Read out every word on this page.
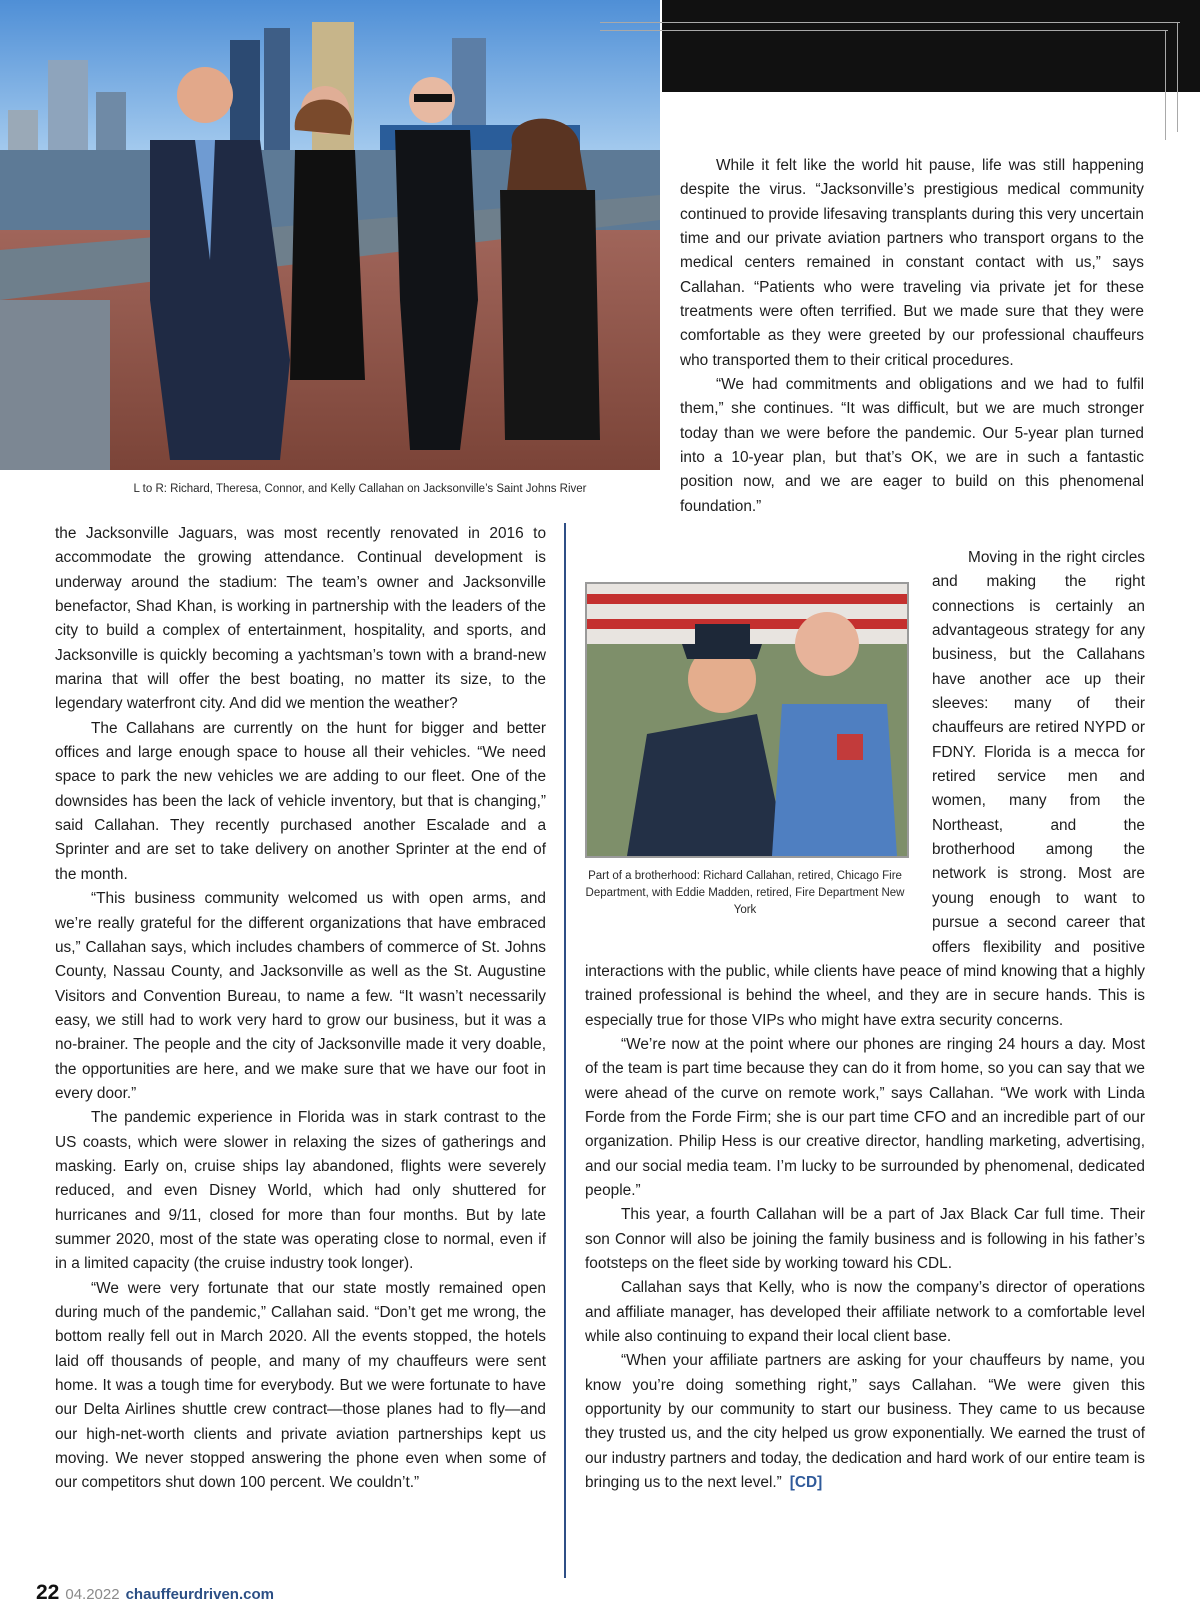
L to R: Richard, Theresa, Connor, and Kelly Callahan on Jacksonville’s Saint Johns River

While it felt like the world hit pause, life was still happening despite the virus. “Jacksonville’s prestigious medical community continued to provide lifesaving transplants during this very uncertain time and our private aviation partners who transport organs to the medical centers remained in constant contact with us,” says Callahan. “Patients who were traveling via private jet for these treatments were often terrified. But we made sure that they were comfortable as they were greeted by our professional chauffeurs who transported them to their critical procedures.

“We had commitments and obligations and we had to fulfil them,” she continues. “It was difficult, but we are much stronger today than we were before the pandemic. Our 5-year plan turned into a 10-year plan, but that’s OK, we are in such a fantastic position now, and we are eager to build on this phenomenal foundation.”

the Jacksonville Jaguars, was most recently renovated in 2016 to accommodate the growing attendance. Continual development is underway around the stadium: The team’s owner and Jacksonville benefactor, Shad Khan, is working in partnership with the leaders of the city to build a complex of entertainment, hospitality, and sports, and Jacksonville is quickly becoming a yachtsman’s town with a brand-new marina that will offer the best boating, no matter its size, to the legendary waterfront city. And did we mention the weather?

The Callahans are currently on the hunt for bigger and better offices and large enough space to house all their vehicles. “We need space to park the new vehicles we are adding to our fleet. One of the downsides has been the lack of vehicle inventory, but that is changing,” said Callahan. They recently purchased another Escalade and a Sprinter and are set to take delivery on another Sprinter at the end of the month.

“This business community welcomed us with open arms, and we’re really grateful for the different organizations that have embraced us,” Callahan says, which includes chambers of commerce of St. Johns County, Nassau County, and Jacksonville as well as the St. Augustine Visitors and Convention Bureau, to name a few. “It wasn’t necessarily easy, we still had to work very hard to grow our business, but it was a no-brainer. The people and the city of Jacksonville made it very doable, the opportunities are here, and we make sure that we have our foot in every door.”

The pandemic experience in Florida was in stark contrast to the US coasts, which were slower in relaxing the sizes of gatherings and masking. Early on, cruise ships lay abandoned, flights were severely reduced, and even Disney World, which had only shuttered for hurricanes and 9/11, closed for more than four months. But by late summer 2020, most of the state was operating close to normal, even if in a limited capacity (the cruise industry took longer).

“We were very fortunate that our state mostly remained open during much of the pandemic,” Callahan said. “Don’t get me wrong, the bottom really fell out in March 2020. All the events stopped, the hotels laid off thousands of people, and many of my chauffeurs were sent home. It was a tough time for everybody. But we were fortunate to have our Delta Airlines shuttle crew contract—those planes had to fly—and our high-net-worth clients and private aviation partnerships kept us moving. We never stopped answering the phone even when some of our competitors shut down 100 percent. We couldn’t.”

Part of a brotherhood: Richard Callahan, retired, Chicago Fire Department, with Eddie Madden, retired, Fire Department New York

Moving in the right circles and making the right connections is certainly an advantageous strategy for any business, but the Callahans have another ace up their sleeves: many of their chauffeurs are retired NYPD or FDNY. Florida is a mecca for retired service men and women, many from the Northeast, and the brotherhood among the network is strong. Most are young enough to want to pursue a second career that offers flexibility and positive interactions with the public, while clients have peace of mind knowing that a highly trained professional is behind the wheel, and they are in secure hands. This is especially true for those VIPs who might have extra security concerns.

“We’re now at the point where our phones are ringing 24 hours a day. Most of the team is part time because they can do it from home, so you can say that we were ahead of the curve on remote work,” says Callahan. “We work with Linda Forde from the Forde Firm; she is our part time CFO and an incredible part of our organization. Philip Hess is our creative director, handling marketing, advertising, and our social media team. I’m lucky to be surrounded by phenomenal, dedicated people.”

This year, a fourth Callahan will be a part of Jax Black Car full time. Their son Connor will also be joining the family business and is following in his father’s footsteps on the fleet side by working toward his CDL.

Callahan says that Kelly, who is now the company’s director of operations and affiliate manager, has developed their affiliate network to a comfortable level while also continuing to expand their local client base.

“When your affiliate partners are asking for your chauffeurs by name, you know you’re doing something right,” says Callahan. “We were given this opportunity by our community to start our business. They came to us because they trusted us, and the city helped us grow exponentially. We earned the trust of our industry partners and today, the dedication and hard work of our entire team is bringing us to the next level.” [CD]

22 04.2022 chauffeurdriven.com
